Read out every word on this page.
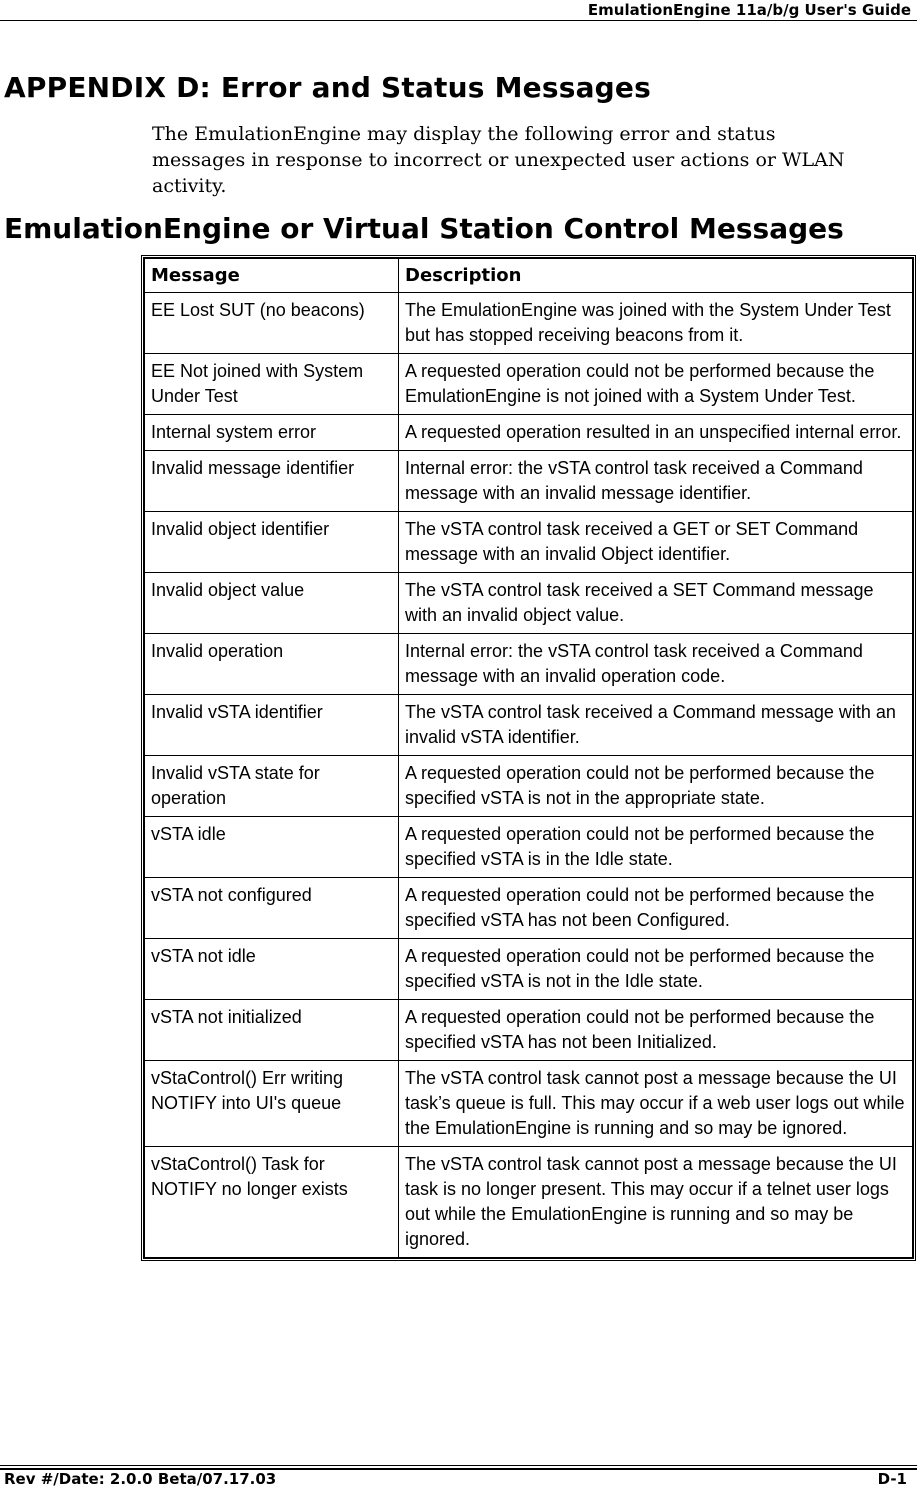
EmulationEngine 11a/b/g User's Guide
APPENDIX D: Error and Status Messages

The EmulationEngine may display the following error and status messages in response to incorrect or unexpected user actions or WLAN activity.

EmulationEngine or Virtual Station Control Messages
Message	Description
EE Lost SUT (no beacons)	The EmulationEngine was joined with the System Under Test but has stopped receiving beacons from it.
EE Not joined with System Under Test	A requested operation could not be performed because the EmulationEngine is not joined with a System Under Test.
Internal system error	A requested operation resulted in an unspecified internal error.
Invalid message identifier	Internal error: the vSTA control task received a Command message with an invalid message identifier.
Invalid object identifier	The vSTA control task received a GET or SET Command message with an invalid Object identifier.
Invalid object value	The vSTA control task received a SET Command message with an invalid object value.
Invalid operation	Internal error: the vSTA control task received a Command message with an invalid operation code.
Invalid vSTA identifier	The vSTA control task received a Command message with an invalid vSTA identifier.
Invalid vSTA state for operation	A requested operation could not be performed because the specified vSTA is not in the appropriate state.
vSTA idle	A requested operation could not be performed because the specified vSTA is in the Idle state.
vSTA not configured	A requested operation could not be performed because the specified vSTA has not been Configured.
vSTA not idle	A requested operation could not be performed because the specified vSTA is not in the Idle state.
vSTA not initialized	A requested operation could not be performed because the specified vSTA has not been Initialized.
vStaControl() Err writing NOTIFY into UI's queue	The vSTA control task cannot post a message because the UI task’s queue is full. This may occur if a web user logs out while the EmulationEngine is running and so may be ignored.
vStaControl() Task for NOTIFY no longer exists	The vSTA control task cannot post a message because the UI task is no longer present. This may occur if a telnet user logs out while the EmulationEngine is running and so may be ignored.
Rev #/Date: 2.0.0 Beta/07.17.03	D-1
